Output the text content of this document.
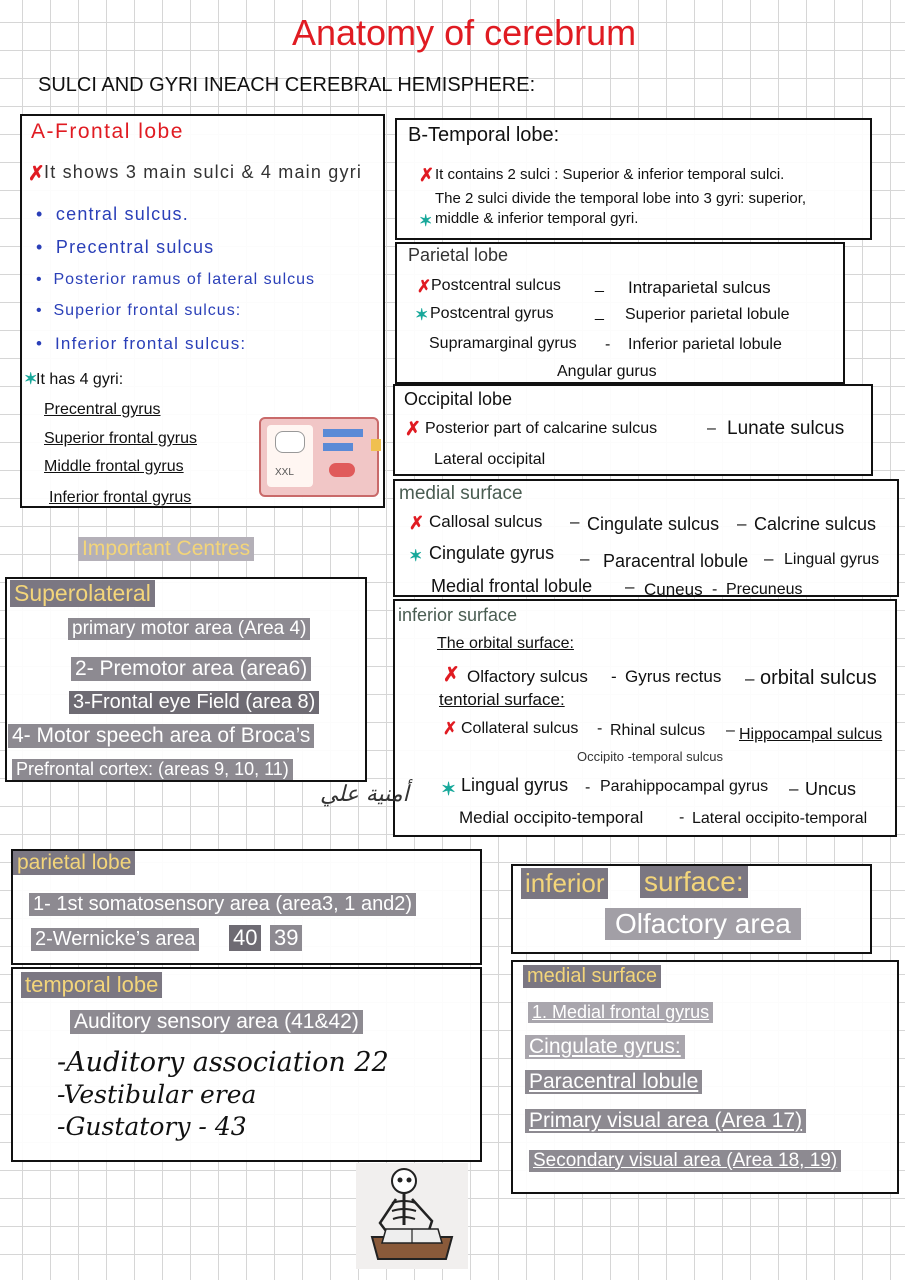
Anatomy of cerebrum
SULCI AND GYRI INEACH CEREBRAL HEMISPHERE:
A-Frontal lobe
✗ It shows 3 main sulci & 4 main gyri
•  central sulcus.
•  Precentral sulcus
•  Posterior ramus of lateral sulcus
•  Superior frontal sulcus:
•  Inferior frontal sulcus:
✶
It has 4 gyri:
Precentral gyrus
Superior frontal gyrus
Middle frontal gyrus
Inferior frontal gyrus
XXL
B-Temporal lobe:
✗ It contains 2 sulci : Superior & inferior temporal sulci.
The 2 sulci divide the temporal lobe into 3 gyri: superior,
✶ middle & inferior temporal gyri.
Parietal lobe
✗ Postcentral sulcus _ Intraparietal sulcus
✶ Postcentral gyrus	_ Superior parietal lobule
Supramarginal gyrus - Inferior parietal lobule
Angular gurus
Occipital lobe
✗ Posterior part of calcarine sulcus	– Lunate sulcus
Lateral occipital
medial surface
✗ Callosal sulcus – Cingulate sulcus – Calcrine sulcus
✶ Cingulate gyrus – Paracentral lobule – Lingual gyrus
Medial frontal lobule – Cuneus - Precuneus
inferior surface
The orbital surface:
✗ Olfactory sulcus - Gyrus rectus – orbital sulcus
tentorial surface:
✗ Collateral sulcus - Rhinal sulcus – Hippocampal sulcus
Occipito -temporal sulcus
✶ Lingual gyrus - Parahippocampal gyrus – Uncus
Medial occipito-temporal - Lateral occipito-temporal
Important Centres
Superolateral
primary motor area (Area 4)
2- Premotor area (area6)
3-Frontal eye Field (area 8)
4- Motor speech area of Broca’s
Prefrontal cortex: (areas 9, 10, 11)
أمنية علي
parietal lobe
1- 1st somatosensory area (area3, 1 and2)
2-Wernicke’s area 40 39
inferior surface:
Olfactory area
temporal lobe
Auditory sensory area (41&42)
-Auditory association 22
-Vestibular erea
-Gustatory - 43
medial surface
1. Medial frontal gyrus
Cingulate gyrus:
Paracentral lobule
Primary visual area (Area 17)
Secondary visual area (Area 18, 19)
